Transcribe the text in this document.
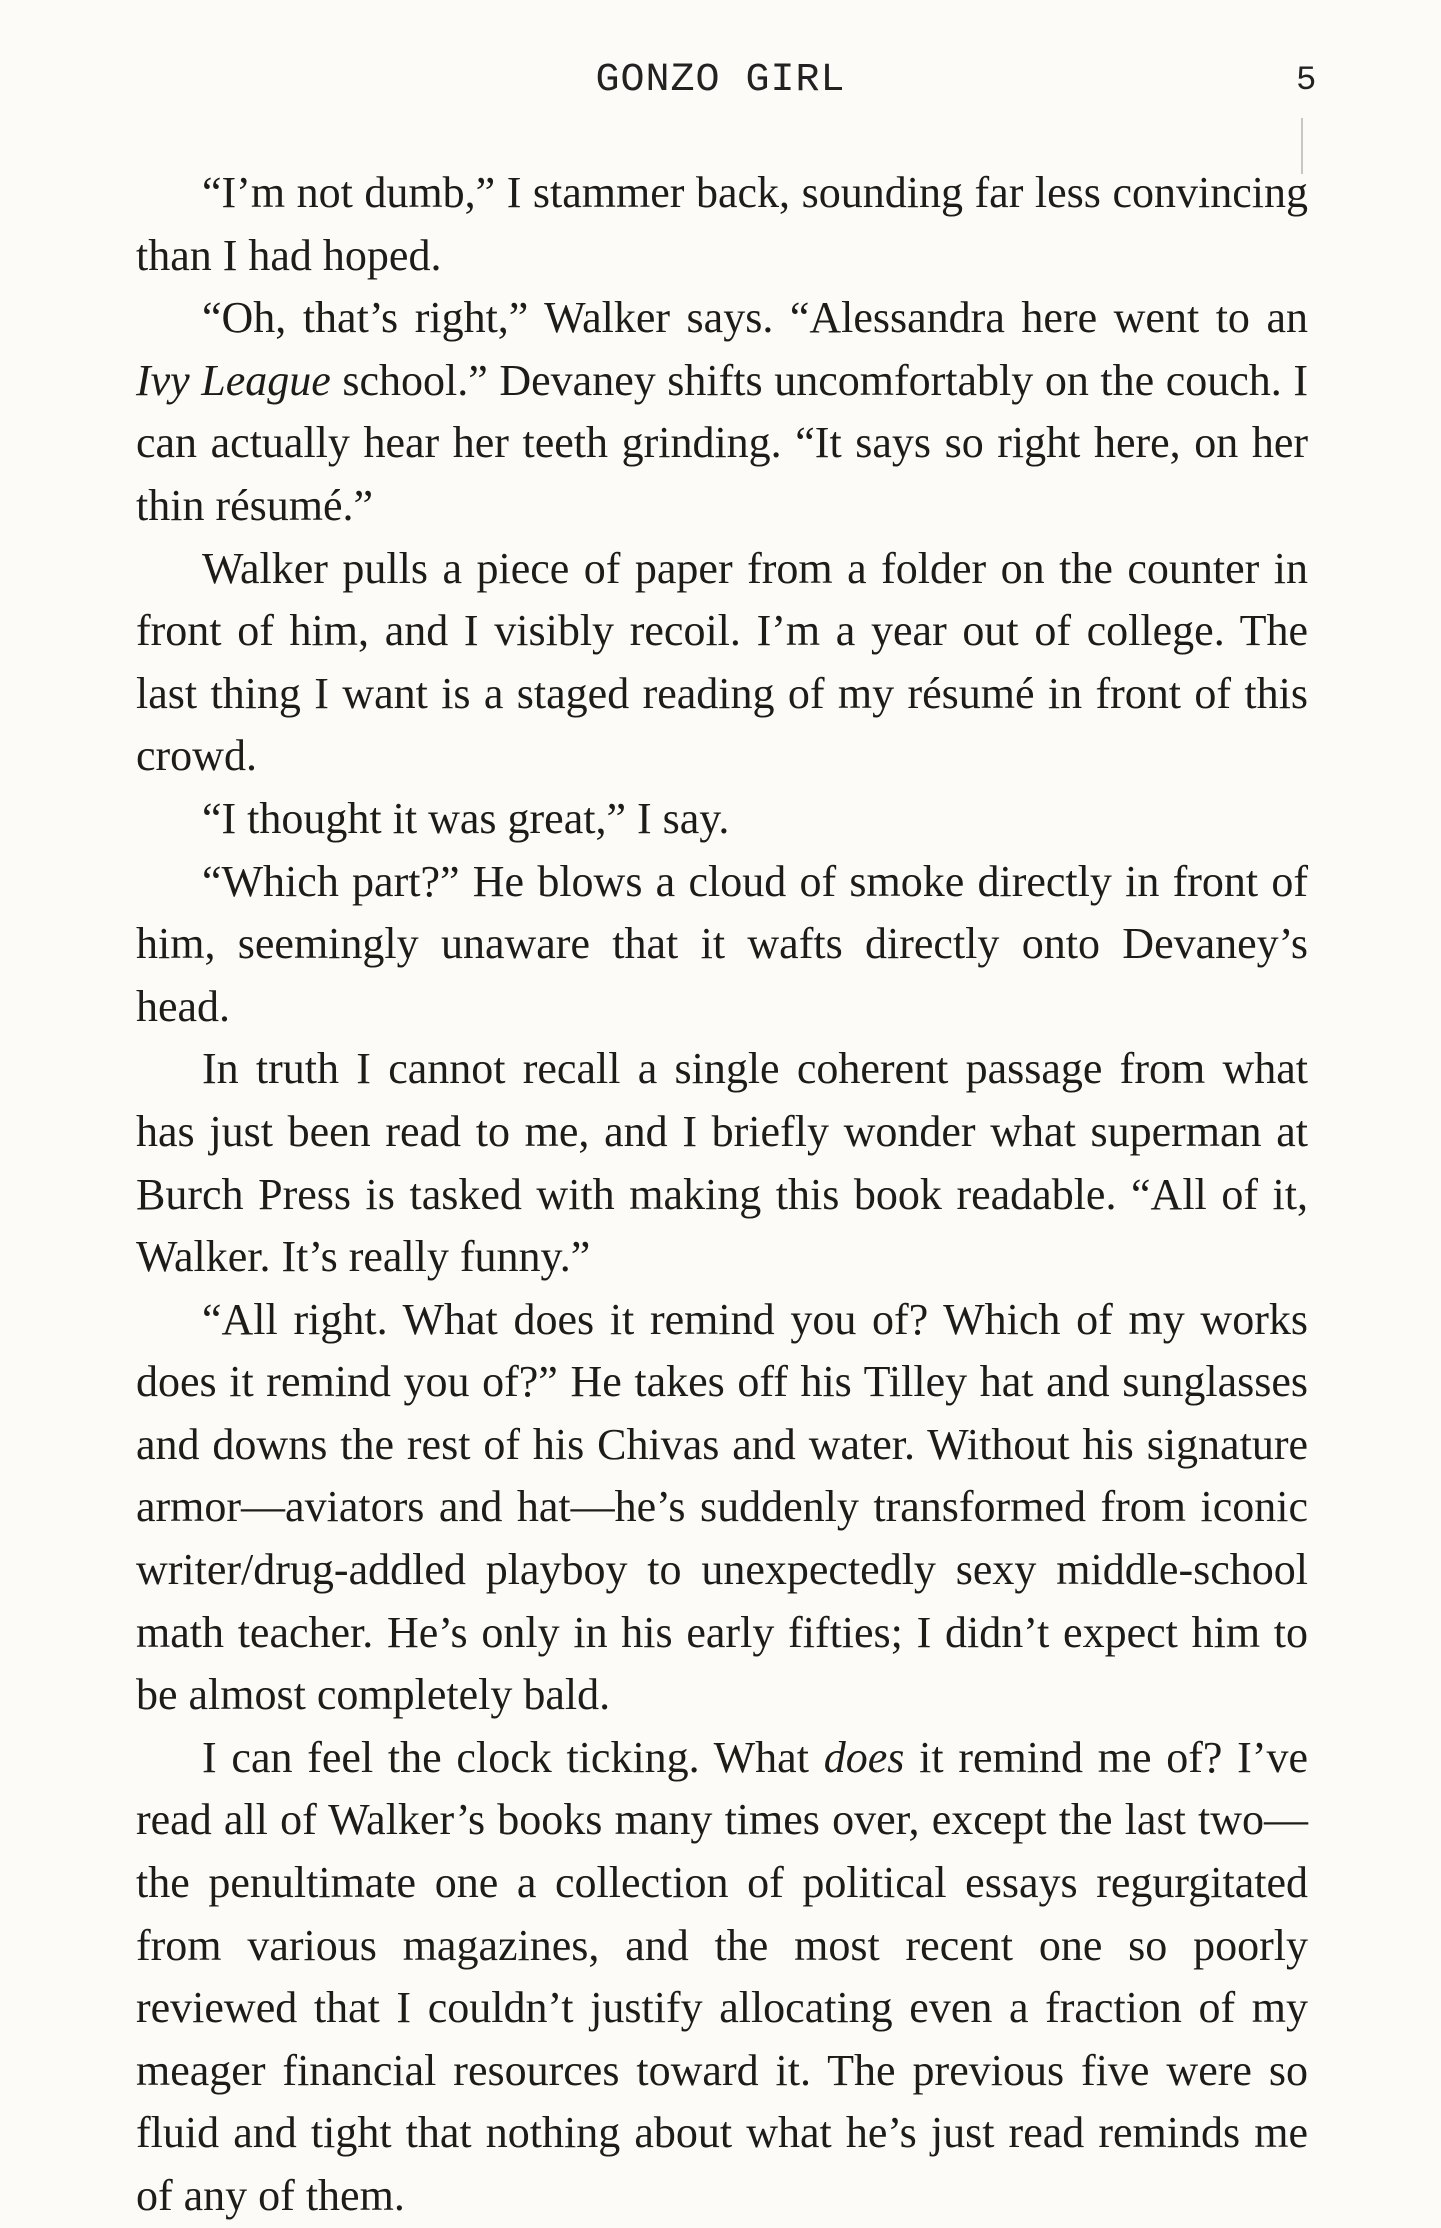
GONZO GIRL	5

“I’m not dumb,” I stammer back, sounding far less convincing than I had hoped.

“Oh, that’s right,” Walker says. “Alessandra here went to an Ivy League school.” Devaney shifts uncomfortably on the couch. I can actually hear her teeth grinding. “It says so right here, on her thin résumé.”

Walker pulls a piece of paper from a folder on the counter in front of him, and I visibly recoil. I’m a year out of college. The last thing I want is a staged reading of my résumé in front of this crowd.

“I thought it was great,” I say.

“Which part?” He blows a cloud of smoke directly in front of him, seemingly unaware that it wafts directly onto Devaney’s head.

In truth I cannot recall a single coherent passage from what has just been read to me, and I briefly wonder what superman at Burch Press is tasked with making this book readable. “All of it, Walker. It’s really funny.”

“All right. What does it remind you of? Which of my works does it remind you of?” He takes off his Tilley hat and sunglasses and downs the rest of his Chivas and water. Without his signature armor—aviators and hat—he’s suddenly transformed from iconic writer/drug-addled playboy to unexpectedly sexy middle-school math teacher. He’s only in his early fifties; I didn’t expect him to be almost completely bald.

I can feel the clock ticking. What does it remind me of? I’ve read all of Walker’s books many times over, except the last two—the penultimate one a collection of political essays regurgitated from various magazines, and the most recent one so poorly reviewed that I couldn’t justify allocating even a fraction of my meager financial resources toward it. The previous five were so fluid and tight that nothing about what he’s just read reminds me of any of them.
